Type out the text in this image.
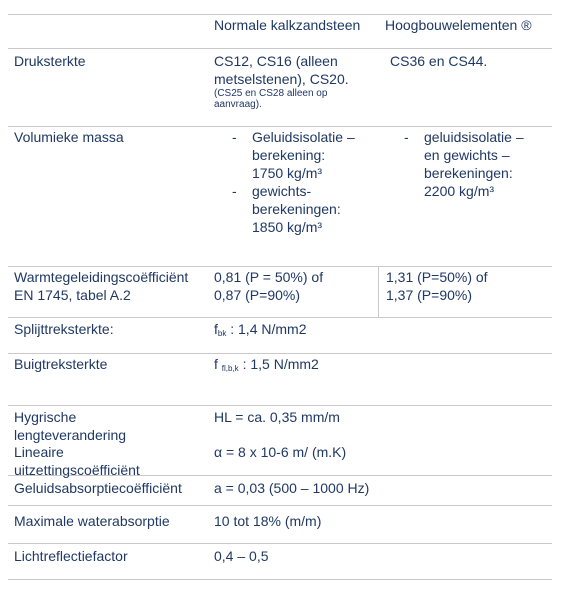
Normale kalkzandsteen Hoogbouwelementen ®
Druksterkte	CS12, CS16 (alleen
metselstenen), CS20.
(CS25 en CS28 alleen op
aanvraag).
CS36 en CS44.
Volumieke massa
-	Geluidsisolatie –
berekening:
1750 kg/m³
- gewichts-
berekeningen:
1850 kg/m³
- geluidsisolatie –
en gewichts –
berekeningen:
2200 kg/m³
Warmtegeleidingscoëfficiënt
EN 1745, tabel A.2
0,81 (P = 50%) of
0,87 (P=90%)
1,31 (P=50%) of
1,37 (P=90%)
Splijttreksterkte:	fbk : 1,4 N/mm2
Buigtreksterkte	f fl,b,k : 1,5 N/mm2
Hygrische
lengteverandering
HL = ca. 0,35 mm/m
Lineaire
uitzettingscoëfficiënt
α = 8 x 10-6 m/ (m.K)
Geluidsabsorptiecoëfficiënt a = 0,03 (500 – 1000 Hz)
Maximale waterabsorptie	10 tot 18% (m/m)
Lichtreflectiefactor	0,4 – 0,5
